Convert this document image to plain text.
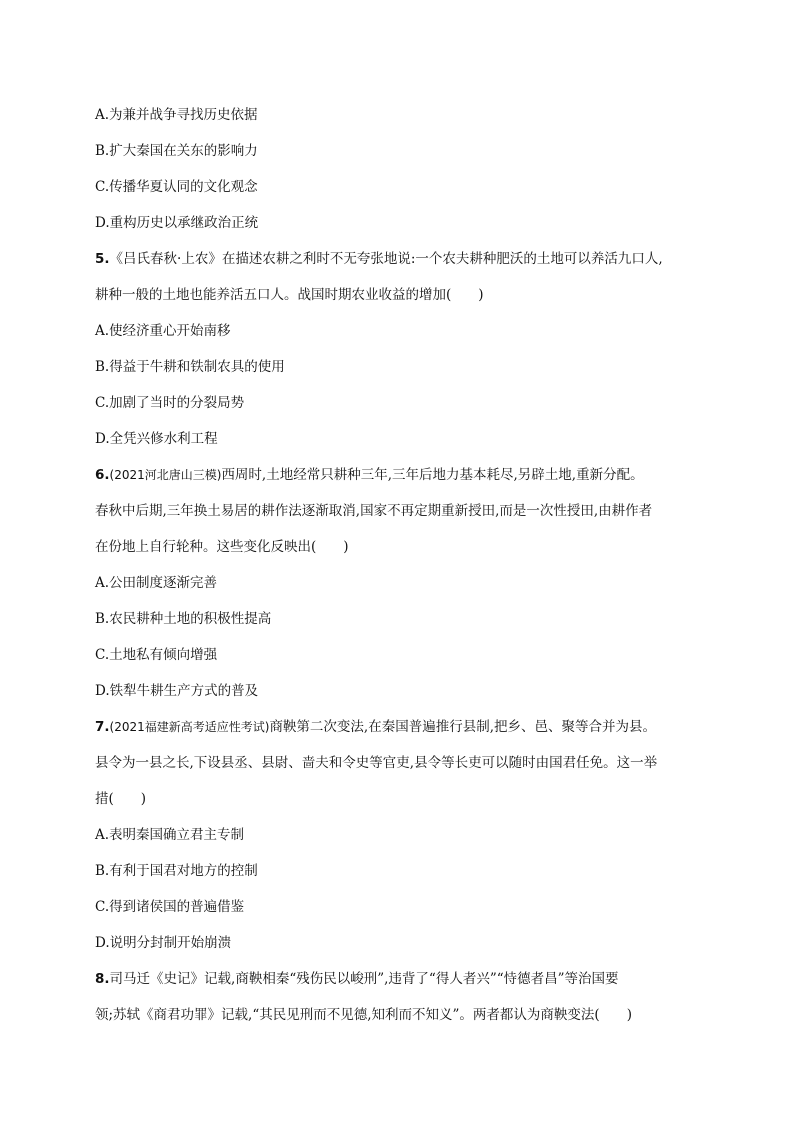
A.为兼并战争寻找历史依据
B.扩大秦国在关东的影响力
C.传播华夏认同的文化观念
D.重构历史以承继政治正统
5.《吕氏春秋·上农》在描述农耕之利时不无夸张地说:一个农夫耕种肥沃的土地可以养活九口人,
耕种一般的土地也能养活五口人。战国时期农业收益的增加(　　)
A.使经济重心开始南移
B.得益于牛耕和铁制农具的使用
C.加剧了当时的分裂局势
D.全凭兴修水利工程
6.(2021河北唐山三模)西周时,土地经常只耕种三年,三年后地力基本耗尽,另辟土地,重新分配。
春秋中后期,三年换土易居的耕作法逐渐取消,国家不再定期重新授田,而是一次性授田,由耕作者
在份地上自行轮种。这些变化反映出(　　)
A.公田制度逐渐完善
B.农民耕种土地的积极性提高
C.土地私有倾向增强
D.铁犁牛耕生产方式的普及
7.(2021福建新高考适应性考试)商鞅第二次变法,在秦国普遍推行县制,把乡、邑、聚等合并为县。
县令为一县之长,下设县丞、县尉、啬夫和令史等官吏,县令等长吏可以随时由国君任免。这一举
措(　　)
A.表明秦国确立君主专制
B.有利于国君对地方的控制
C.得到诸侯国的普遍借鉴
D.说明分封制开始崩溃
8.司马迁《史记》记载,商鞅相秦“残伤民以峻刑”,违背了“得人者兴”“恃德者昌”等治国要
领;苏轼《商君功罪》记载,“其民见刑而不见德,知利而不知义”。两者都认为商鞅变法(　　)
